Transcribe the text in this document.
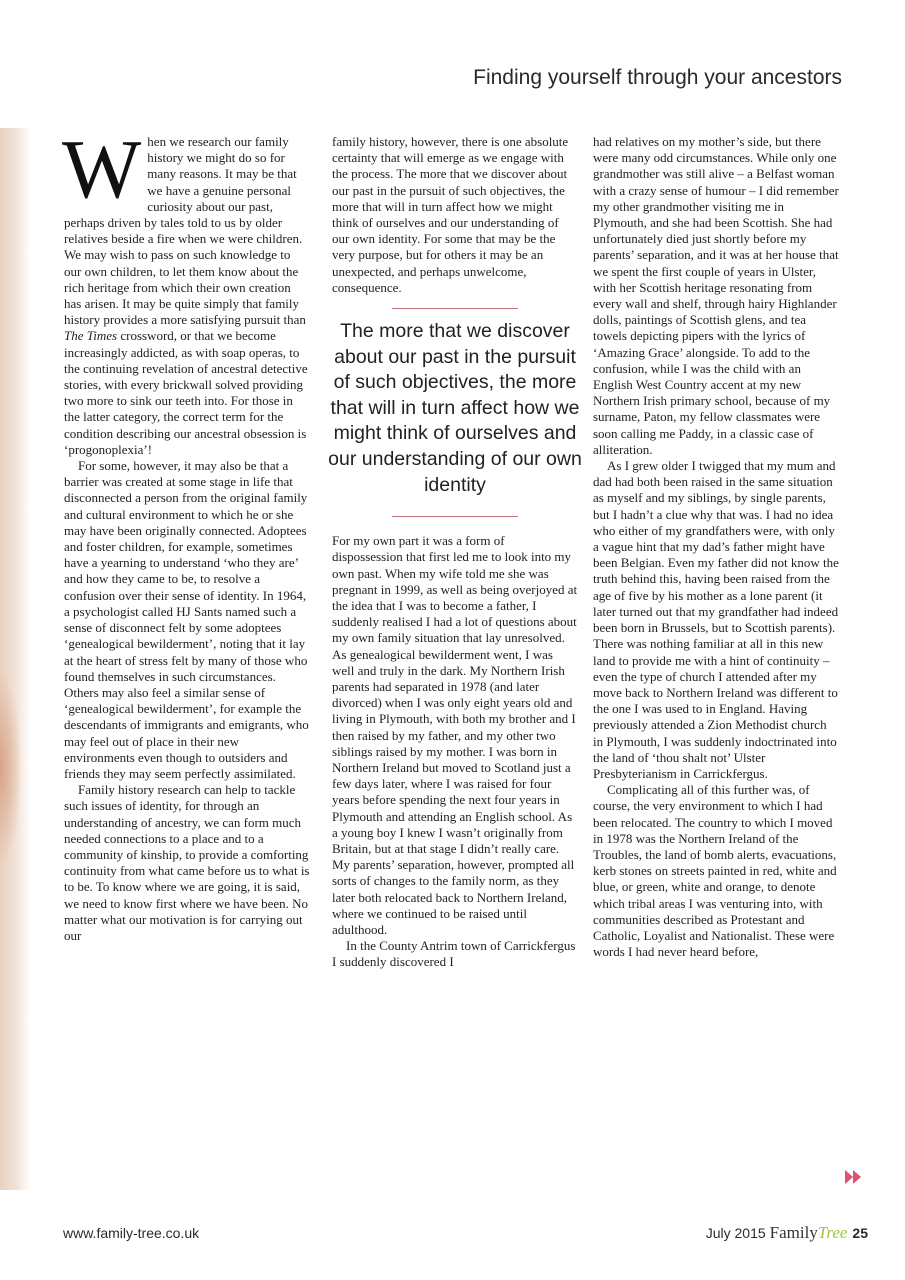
Finding yourself through your ancestors

When we research our family history we might do so for many reasons. It may be that we have a genuine personal curiosity about our past, perhaps driven by tales told to us by older relatives beside a fire when we were children. We may wish to pass on such knowledge to our own children, to let them know about the rich heritage from which their own creation has arisen. It may be quite simply that family history provides a more satisfying pursuit than The Times crossword, or that we become increasingly addicted, as with soap operas, to the continuing revelation of ancestral detective stories, with every brickwall solved providing two more to sink our teeth into. For those in the latter category, the correct term for the condition describing our ancestral obsession is ‘progonoplexia’!

For some, however, it may also be that a barrier was created at some stage in life that disconnected a person from the original family and cultural environment to which he or she may have been originally connected. Adoptees and foster children, for example, sometimes have a yearning to understand ‘who they are’ and how they came to be, to resolve a confusion over their sense of identity. In 1964, a psychologist called HJ Sants named such a sense of disconnect felt by some adoptees ‘genealogical bewilderment’, noting that it lay at the heart of stress felt by many of those who found themselves in such circumstances. Others may also feel a similar sense of ‘genealogical bewilderment’, for example the descendants of immigrants and emigrants, who may feel out of place in their new environments even though to outsiders and friends they may seem perfectly assimilated.

Family history research can help to tackle such issues of identity, for through an understanding of ancestry, we can form much needed connections to a place and to a community of kinship, to provide a comforting continuity from what came before us to what is to be. To know where we are going, it is said, we need to know first where we have been. No matter what our motivation is for carrying out our

family history, however, there is one absolute certainty that will emerge as we engage with the process. The more that we discover about our past in the pursuit of such objectives, the more that will in turn affect how we might think of ourselves and our understanding of our own identity. For some that may be the very purpose, but for others it may be an unexpected, and perhaps unwelcome, consequence.

The more that we discover about our past in the pursuit of such objectives, the more that will in turn affect how we might think of ourselves and our understanding of our own identity

For my own part it was a form of dispossession that first led me to look into my own past. When my wife told me she was pregnant in 1999, as well as being overjoyed at the idea that I was to become a father, I suddenly realised I had a lot of questions about my own family situation that lay unresolved. As genealogical bewilderment went, I was well and truly in the dark. My Northern Irish parents had separated in 1978 (and later divorced) when I was only eight years old and living in Plymouth, with both my brother and I then raised by my father, and my other two siblings raised by my mother. I was born in Northern Ireland but moved to Scotland just a few days later, where I was raised for four years before spending the next four years in Plymouth and attending an English school. As a young boy I knew I wasn’t originally from Britain, but at that stage I didn’t really care. My parents’ separation, however, prompted all sorts of changes to the family norm, as they later both relocated back to Northern Ireland, where we continued to be raised until adulthood.

In the County Antrim town of Carrickfergus I suddenly discovered I

had relatives on my mother’s side, but there were many odd circumstances. While only one grandmother was still alive – a Belfast woman with a crazy sense of humour – I did remember my other grandmother visiting me in Plymouth, and she had been Scottish. She had unfortunately died just shortly before my parents’ separation, and it was at her house that we spent the first couple of years in Ulster, with her Scottish heritage resonating from every wall and shelf, through hairy Highlander dolls, paintings of Scottish glens, and tea towels depicting pipers with the lyrics of ‘Amazing Grace’ alongside. To add to the confusion, while I was the child with an English West Country accent at my new Northern Irish primary school, because of my surname, Paton, my fellow classmates were soon calling me Paddy, in a classic case of alliteration.

As I grew older I twigged that my mum and dad had both been raised in the same situation as myself and my siblings, by single parents, but I hadn’t a clue why that was. I had no idea who either of my grandfathers were, with only a vague hint that my dad’s father might have been Belgian. Even my father did not know the truth behind this, having been raised from the age of five by his mother as a lone parent (it later turned out that my grandfather had indeed been born in Brussels, but to Scottish parents). There was nothing familiar at all in this new land to provide me with a hint of continuity – even the type of church I attended after my move back to Northern Ireland was different to the one I was used to in England. Having previously attended a Zion Methodist church in Plymouth, I was suddenly indoctrinated into the land of ‘thou shalt not’ Ulster Presbyterianism in Carrickfergus.

Complicating all of this further was, of course, the very environment to which I had been relocated. The country to which I moved in 1978 was the Northern Ireland of the Troubles, the land of bomb alerts, evacuations, kerb stones on streets painted in red, white and blue, or green, white and orange, to denote which tribal areas I was venturing into, with communities described as Protestant and Catholic, Loyalist and Nationalist. These were words I had never heard before,

www.family-tree.co.uk	July 2015 FamilyTree 25
